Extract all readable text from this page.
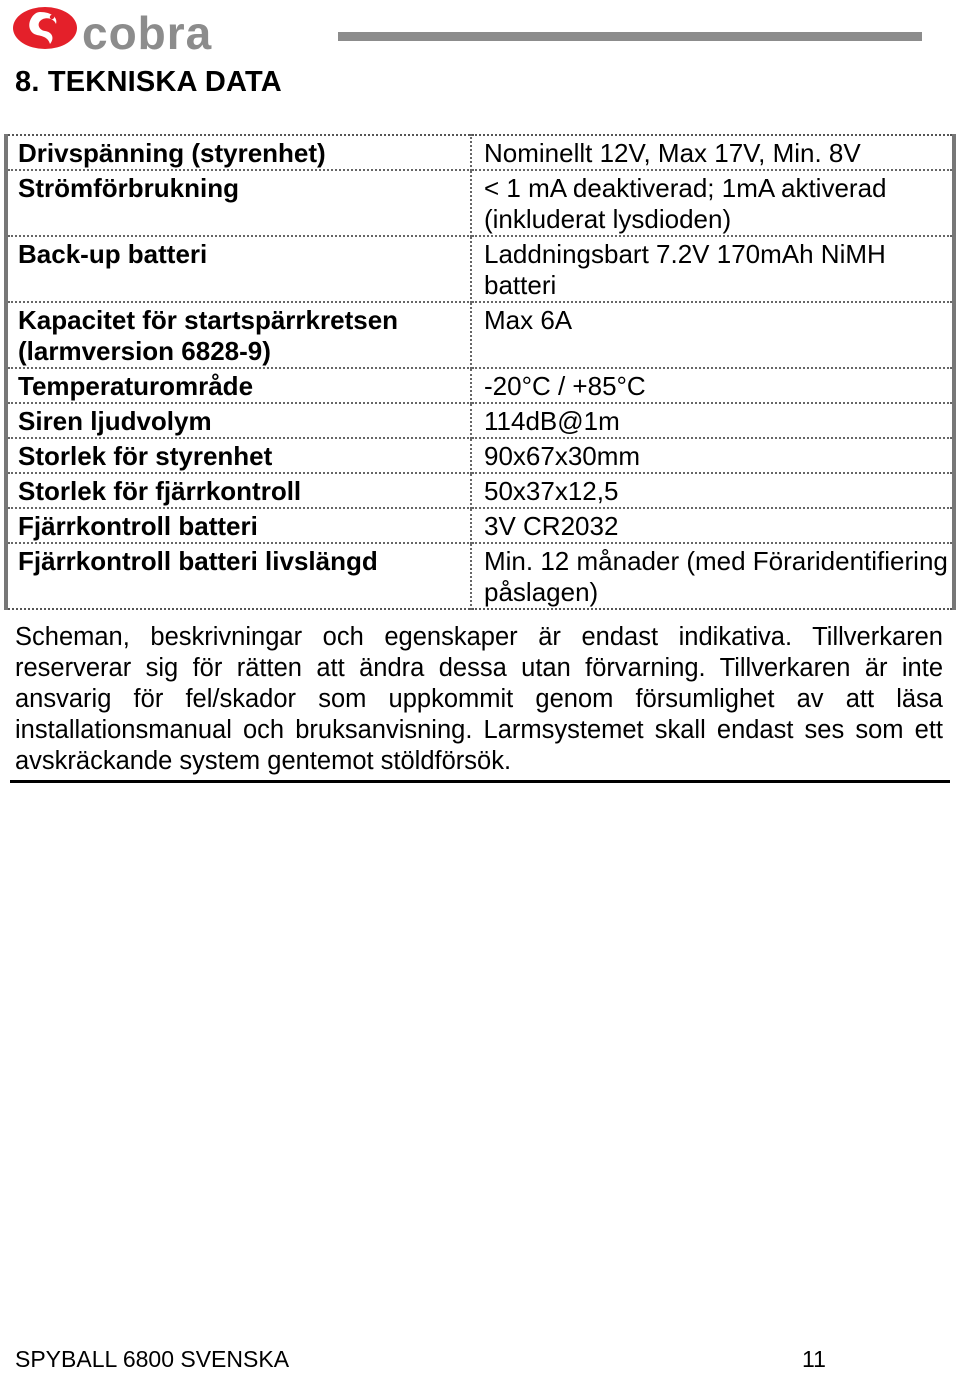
cobra
8. TEKNISKA DATA
Drivspänning (styrenhet)	Nominellt 12V, Max 17V, Min. 8V
Strömförbrukning	< 1 mA deaktiverad; 1mA aktiverad (inkluderat lysdioden)
Back-up batteri	Laddningsbart 7.2V 170mAh NiMH batteri
Kapacitet för startspärrkretsen (larmversion 6828-9)	Max 6A
Temperaturområde	-20°C / +85°C
Siren ljudvolym	114dB@1m
Storlek för styrenhet	90x67x30mm
Storlek för fjärrkontroll	50x37x12,5
Fjärrkontroll batteri	3V CR2032
Fjärrkontroll batteri livslängd	Min. 12 månader (med Föraridentifiering påslagen)

Scheman, beskrivningar och egenskaper är endast indikativa. Tillverkaren reserverar sig för rätten att ändra dessa utan förvarning. Tillverkaren är inte ansvarig för fel/skador som uppkommit genom försumlighet av att läsa installationsmanual och bruksanvisning. Larmsystemet skall endast ses som ett avskräckande system gentemot stöldförsök.

SPYBALL 6800 SVENSKA	11
